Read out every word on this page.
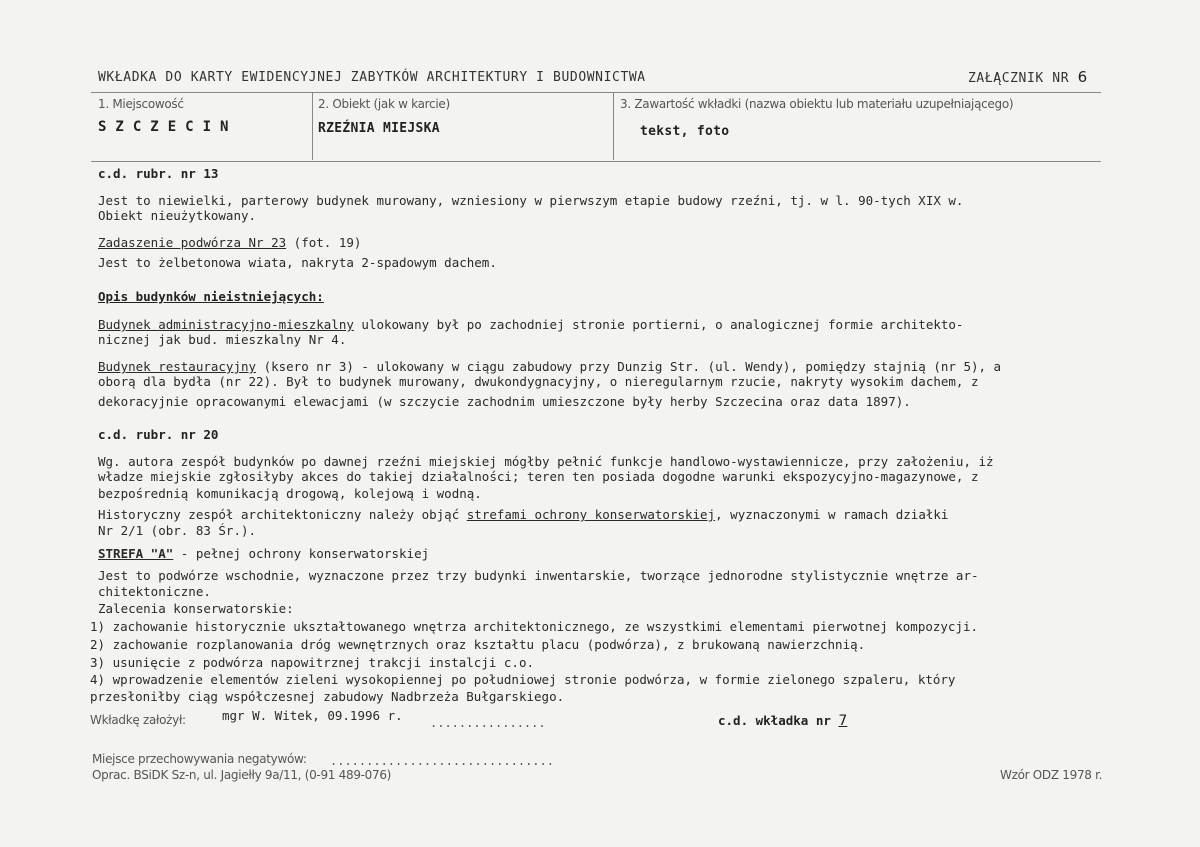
WKŁADKA DO KARTY EWIDENCYJNEJ ZABYTKÓW ARCHITEKTURY I BUDOWNICTWA	ZAŁĄCZNIK NR 6
1. Miejscowość
SZCZECIN
2. Obiekt (jak w karcie)
RZEŹNIA MIEJSKA
3. Zawartość wkładki (nazwa obiektu lub materiału uzupełniającego)
tekst, foto
c.d. rubr. nr 13
Jest to niewielki, parterowy budynek murowany, wzniesiony w pierwszym etapie budowy rzeźni, tj. w l. 90-tych XIX w.
Obiekt nieużytkowany.
Zadaszenie podwórza Nr 23 (fot. 19)
Jest to żelbetonowa wiata, nakryta 2-spadowym dachem.
Opis budynków nieistniejących:
Budynek administracyjno-mieszkalny ulokowany był po zachodniej stronie portierni, o analogicznej formie architekto-
nicznej jak bud. mieszkalny Nr 4.
Budynek restauracyjny (ksero nr 3) - ulokowany w ciągu zabudowy przy Dunzig Str. (ul. Wendy), pomiędzy stajnią (nr 5), a
oborą dla bydła (nr 22). Był to budynek murowany, dwukondygnacyjny, o nieregularnym rzucie, nakryty wysokim dachem, z
dekoracyjnie opracowanymi elewacjami (w szczycie zachodnim umieszczone były herby Szczecina oraz data 1897).
c.d. rubr. nr 20
Wg. autora zespół budynków po dawnej rzeźni miejskiej mógłby pełnić funkcje handlowo-wystawiennicze, przy założeniu, iż
władze miejskie zgłosiłyby akces do takiej działalności; teren ten posiada dogodne warunki ekspozycyjno-magazynowe, z
bezpośrednią komunikacją drogową, kolejową i wodną.
Historyczny zespół architektoniczny należy objąć strefami ochrony konserwatorskiej, wyznaczonymi w ramach działki
Nr 2/1 (obr. 83 Śr.).
STREFA "A" - pełnej ochrony konserwatorskiej
Jest to podwórze wschodnie, wyznaczone przez trzy budynki inwentarskie, tworzące jednorodne stylistycznie wnętrze ar-
chitektoniczne.
Zalecenia konserwatorskie:
1) zachowanie historycznie ukształtowanego wnętrza architektonicznego, ze wszystkimi elementami pierwotnej kompozycji.
2) zachowanie rozplanowania dróg wewnętrznych oraz kształtu placu (podwórza), z brukowaną nawierzchnią.
3) usunięcie z podwórza napowitrznej trakcji instalcji c.o.
4) wprowadzenie elementów zieleni wysokopiennej po południowej stronie podwórza, w formie zielonego szpaleru, który
przesłoniłby ciąg współczesnej zabudowy Nadbrzeża Bułgarskiego.
Wkładkę założył:	mgr W. Witek, 09.1996 r. ................	c.d. wkładka nr 7
Miejsce przechowywania negatywów: ...............................
Oprac. BSiDK Sz-n, ul. Jagiełły 9a/11, (0-91 489-076)	Wzór ODZ 1978 r.
